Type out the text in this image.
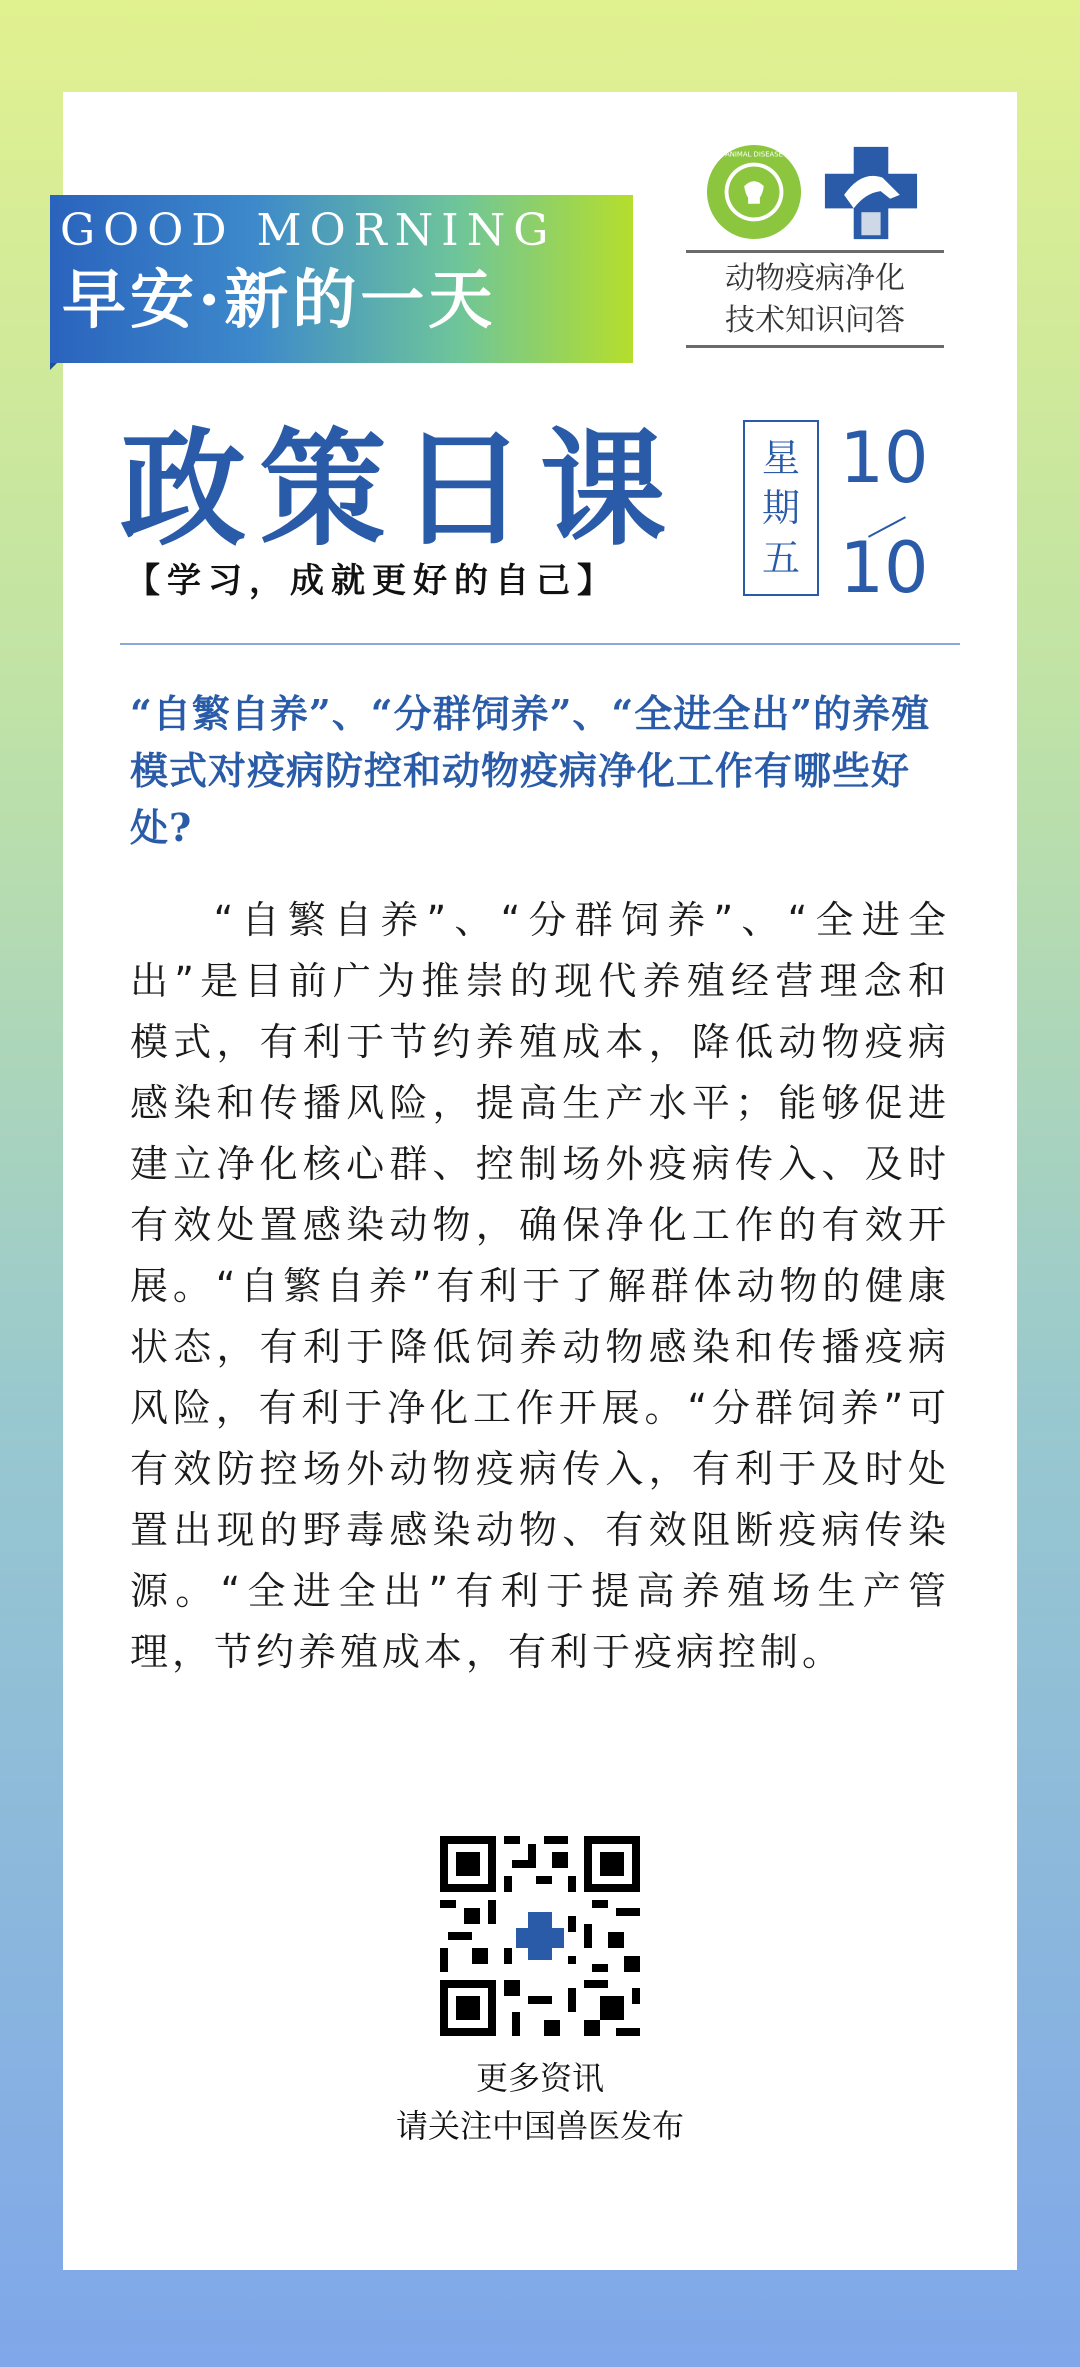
GOOD MORNING
早安·新的一天
ANIMAL DISEASE
动物疫病净化
技术知识问答
政策日课
【学习，成就更好的自己】
星
期
五
10
10
“自繁自养”、“分群饲养”、“全进全出”的养殖模式对疫病防控和动物疫病净化工作有哪些好处?
“自繁自养”、“分群饲养”、“全进全出”是目前广为推崇的现代养殖经营理念和模式，有利于节约养殖成本，降低动物疫病感染和传播风险，提高生产水平；能够促进建立净化核心群、控制场外疫病传入、及时有效处置感染动物，确保净化工作的有效开展。“自繁自养”有利于了解群体动物的健康状态，有利于降低饲养动物感染和传播疫病风险，有利于净化工作开展。“分群饲养”可有效防控场外动物疫病传入，有利于及时处置出现的野毒感染动物、有效阻断疫病传染源。“全进全出”有利于提高养殖场生产管理，节约养殖成本，有利于疫病控制。
更多资讯
请关注中国兽医发布
